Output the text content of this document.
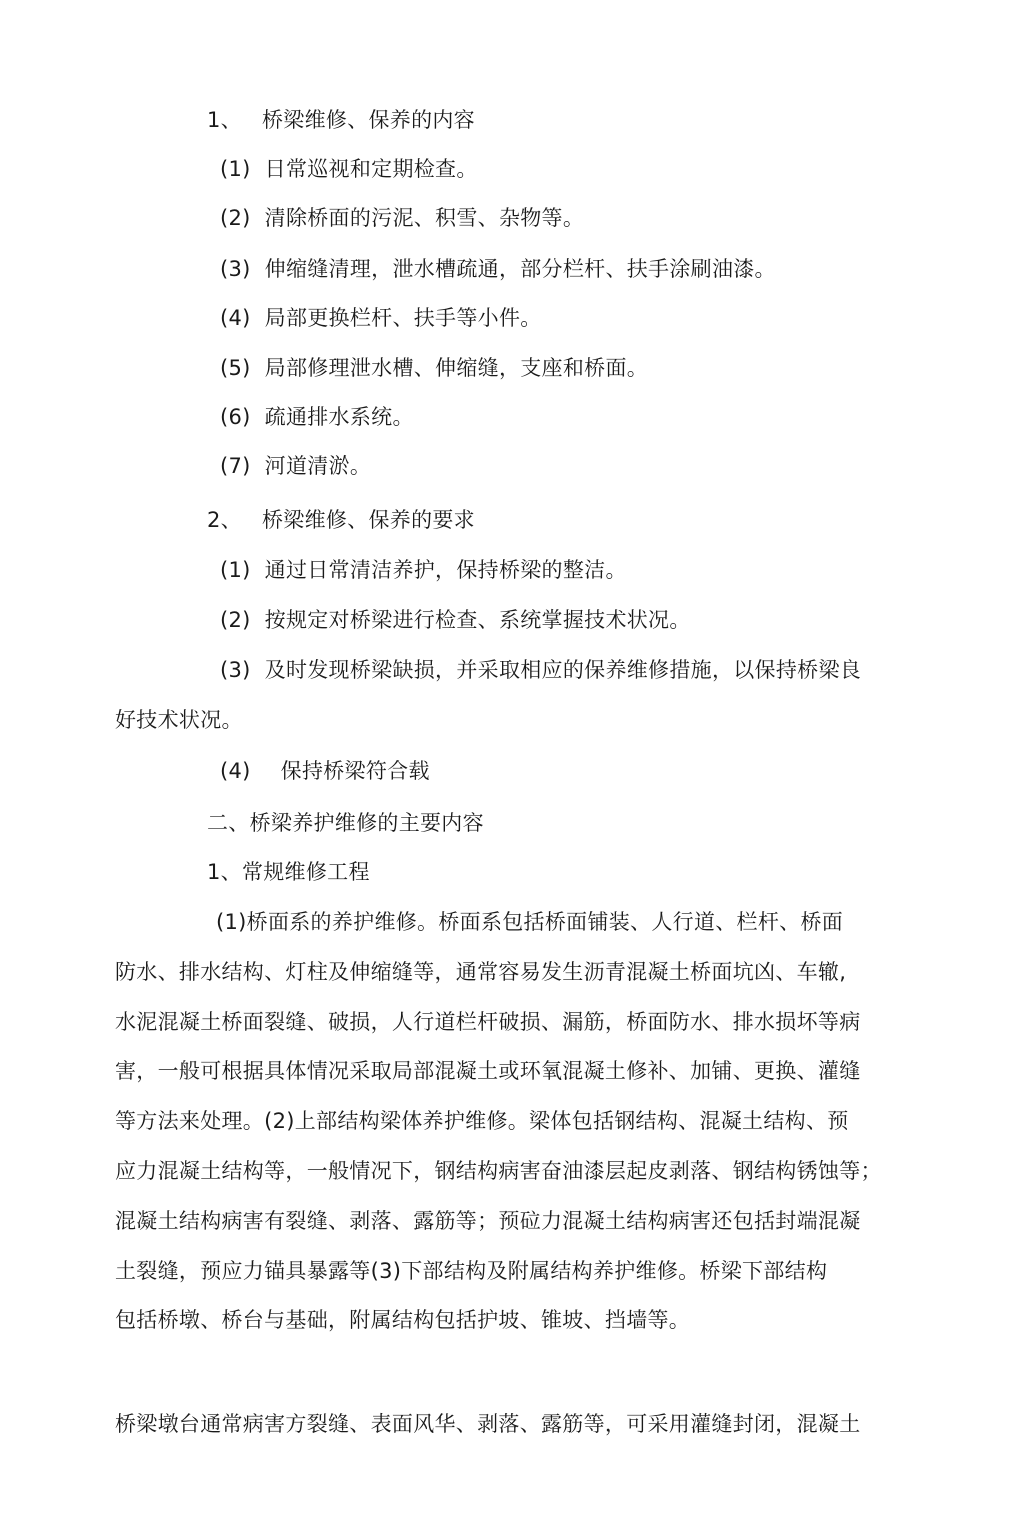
1、 桥梁维修、保养的内容
(1) 日常巡视和定期检查。
(2) 清除桥面的污泥、积雪、杂物等。
(3) 伸缩缝清理，泄水槽疏通，部分栏杆、扶手涂刷油漆。
(4) 局部更换栏杆、扶手等小件。
(5) 局部修理泄水槽、伸缩缝，支座和桥面。
(6) 疏通排水系统。
(7) 河道清淤。
2、 桥梁维修、保养的要求
(1) 通过日常清洁养护，保持桥梁的整洁。
(2) 按规定对桥梁进行检查、系统掌握技术状况。
(3) 及时发现桥梁缺损，并采取相应的保养维修措施，以保持桥梁良
好技术状况。
(4) 保持桥梁符合载
二、桥梁养护维修的主要内容
1、常规维修工程
(1)桥面系的养护维修。桥面系包括桥面铺装、人行道、栏杆、桥面
防水、排水结构、灯柱及伸缩缝等，通常容易发生沥青混凝土桥面坑凶、车辙,
水泥混凝土桥面裂缝、破损，人行道栏杆破损、漏筋，桥面防水、排水损坏等病
害，一般可根据具体情况采取局部混凝土或环氧混凝土修补、加铺、更换、灌缝
等方法来处理。(2)上部结构梁体养护维修。梁体包括钢结构、混凝土结构、预
应力混凝土结构等，一般情况下，钢结构病害奋油漆层起皮剥落、钢结构锈蚀等；
混凝土结构病害有裂缝、剥落、露筋等；预砬力混凝土结构病害还包括封端混凝
土裂缝，预应力锚具暴露等(3)下部结构及附属结构养护维修。桥梁下部结构
包括桥墩、桥台与基础，附属结构包括护坡、锥坡、挡墙等。
桥梁墩台通常病害方裂缝、表面风华、剥落、露筋等，可采用灌缝封闭，混凝土
